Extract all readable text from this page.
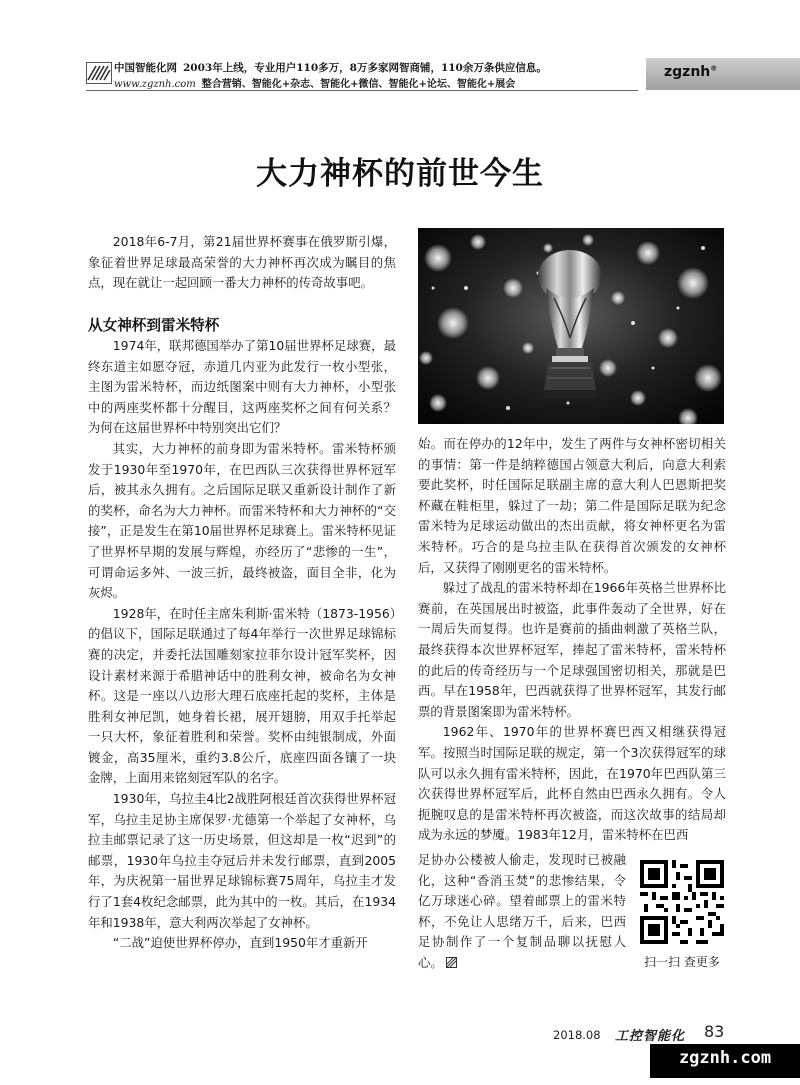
中国智能化网 2003年上线，专业用户110多万，8万多家网智商铺，110余万条供应信息。
www.zgznh.com 整合营销、智能化+杂志、智能化+微信、智能化+论坛、智能化+展会
zgznh®
大力神杯的前世今生

2018年6-7月，第21届世界杯赛事在俄罗斯引爆，象征着世界足球最高荣誉的大力神杯再次成为瞩目的焦点，现在就让一起回顾一番大力神杯的传奇故事吧。

从女神杯到雷米特杯

1974年，联邦德国举办了第10届世界杯足球赛，最终东道主如愿夺冠，赤道几内亚为此发行一枚小型张，主图为雷米特杯，而边纸图案中则有大力神杯，小型张中的两座奖杯都十分醒目，这两座奖杯之间有何关系？为何在这届世界杯中特别突出它们？

其实，大力神杯的前身即为雷米特杯。雷米特杯颁发于1930年至1970年，在巴西队三次获得世界杯冠军后，被其永久拥有。之后国际足联又重新设计制作了新的奖杯，命名为大力神杯。而雷米特杯和大力神杯的“交接”，正是发生在第10届世界杯足球赛上。雷米特杯见证了世界杯早期的发展与辉煌，亦经历了“悲惨的一生”，可谓命运多舛、一波三折，最终被盗，面目全非，化为灰烬。

1928年，在时任主席朱利斯·雷米特（1873-1956）的倡议下，国际足联通过了每4年举行一次世界足球锦标赛的决定，并委托法国雕刻家拉菲尔设计冠军奖杯，因设计素材来源于希腊神话中的胜利女神，被命名为女神杯。这是一座以八边形大理石底座托起的奖杯，主体是胜利女神尼凯，她身着长裙，展开翅膀，用双手托举起一只大杯，象征着胜利和荣誉。奖杯由纯银制成，外面镀金，高35厘米，重约3.8公斤，底座四面各镶了一块金牌，上面用来铭刻冠军队的名字。

1930年，乌拉圭4比2战胜阿根廷首次获得世界杯冠军，乌拉圭足协主席保罗·尤德第一个举起了女神杯，乌拉圭邮票记录了这一历史场景，但这却是一枚“迟到”的邮票，1930年乌拉圭夺冠后并未发行邮票，直到2005年，为庆祝第一届世界足球锦标赛75周年，乌拉圭才发行了1套4枚纪念邮票，此为其中的一枚。其后，在1934年和1938年，意大利两次举起了女神杯。

“二战”迫使世界杯停办，直到1950年才重新开

始。而在停办的12年中，发生了两件与女神杯密切相关的事情：第一件是纳粹德国占领意大利后，向意大利索要此奖杯，时任国际足联副主席的意大利人巴恩斯把奖杯藏在鞋柜里，躲过了一劫；第二件是国际足联为纪念雷米特为足球运动做出的杰出贡献，将女神杯更名为雷米特杯。巧合的是乌拉圭队在获得首次颁发的女神杯后，又获得了刚刚更名的雷米特杯。

躲过了战乱的雷米特杯却在1966年英格兰世界杯比赛前，在英国展出时被盗，此事件轰动了全世界，好在一周后失而复得。也许是赛前的插曲刺激了英格兰队，最终获得本次世界杯冠军，捧起了雷米特杯，雷米特杯的此后的传奇经历与一个足球强国密切相关，那就是巴西。早在1958年，巴西就获得了世界杯冠军，其发行邮票的背景图案即为雷米特杯。

1962年、1970年的世界杯赛巴西又相继获得冠军。按照当时国际足联的规定，第一个3次获得冠军的球队可以永久拥有雷米特杯，因此，在1970年巴西队第三次获得世界杯冠军后，此杯自然由巴西永久拥有。令人扼腕叹息的是雷米特杯再次被盗，而这次故事的结局却成为永远的梦魇。1983年12月，雷米特杯在巴西

足协办公楼被人偷走，发现时已被融化，这种“香消玉焚”的悲惨结果，令亿万球迷心碎。望着邮票上的雷米特杯，不免让人思绪万千，后来，巴西足协制作了一个复制品聊以抚慰人心。	扫一扫 查更多
2018.08 工控智能化 83
zgznh.com
